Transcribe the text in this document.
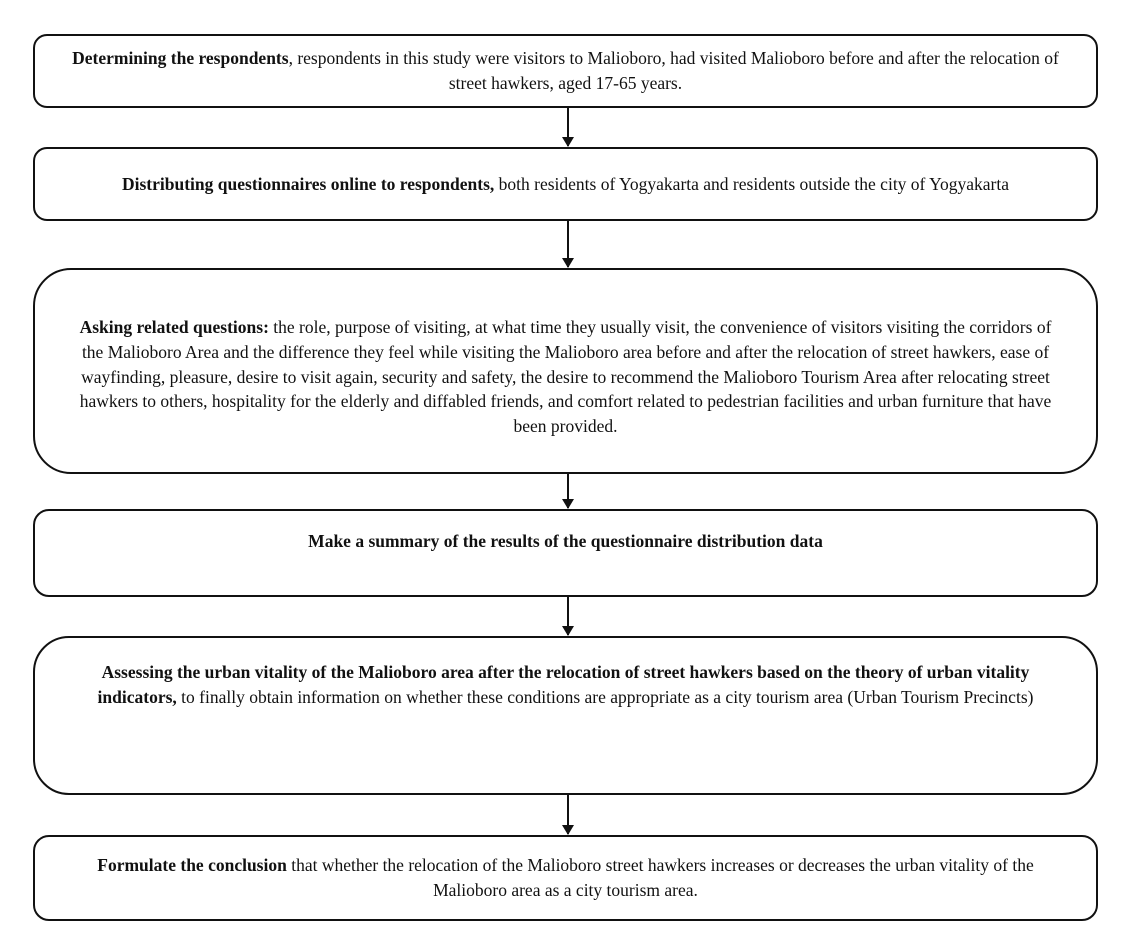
Determining the respondents, respondents in this study were visitors to Malioboro, had visited Malioboro before and after the relocation of street hawkers, aged 17-65 years.
Distributing questionnaires online to respondents, both residents of Yogyakarta and residents outside the city of Yogyakarta
Asking related questions: the role, purpose of visiting, at what time they usually visit, the convenience of visitors visiting the corridors of the Malioboro Area and the difference they feel while visiting the Malioboro area before and after the relocation of street hawkers, ease of wayfinding, pleasure, desire to visit again, security and safety, the desire to recommend the Malioboro Tourism Area after relocating street hawkers to others, hospitality for the elderly and diffabled friends, and comfort related to pedestrian facilities and urban furniture that have been provided.
Make a summary of the results of the questionnaire distribution data
Assessing the urban vitality of the Malioboro area after the relocation of street hawkers based on the theory of urban vitality indicators, to finally obtain information on whether these conditions are appropriate as a city tourism area (Urban Tourism Precincts)
Formulate the conclusion that whether the relocation of the Malioboro street hawkers increases or decreases the urban vitality of the Malioboro area as a city tourism area.
